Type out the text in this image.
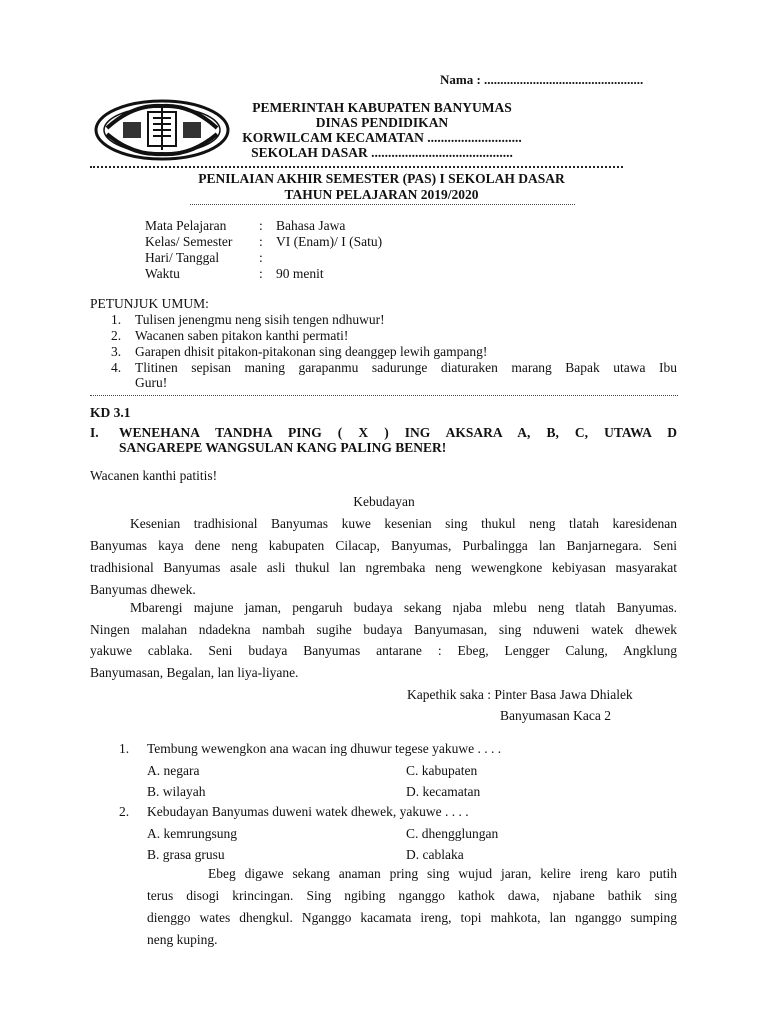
Nama : .................................................
PEMERINTAH KABUPATEN BANYUMAS
DINAS PENDIDIKAN
KORWILCAM KECAMATAN ............................
SEKOLAH DASAR ..........................................
PENILAIAN AKHIR SEMESTER (PAS) I SEKOLAH DASAR
TAHUN PELAJARAN 2019/2020
Mata Pelajaran : Bahasa Jawa
Kelas/ Semester : VI (Enam)/ I (Satu)
Hari/ Tanggal	:
Waktu	: 90 menit
PETUNJUK UMUM:
1. Tulisen jenengmu neng sisih tengen ndhuwur!
2. Wacanen saben pitakon kanthi permati!
3. Garapen dhisit pitakon-pitakonan sing deanggep lewih gampang!
4. Tlitinen sepisan maning garapanmu sadurunge diaturaken marang Bapak utawa Ibu
Guru!
KD 3.1
I. WENEHANA TANDHA PING ( X ) ING AKSARA A, B, C, UTAWA D
SANGAREPE WANGSULAN KANG PALING BENER!
Wacanen kanthi patitis!
Kebudayan
Kesenian tradhisional Banyumas kuwe kesenian sing thukul neng tlatah karesidenan
Banyumas kaya dene neng kabupaten Cilacap, Banyumas, Purbalingga lan Banjarnegara. Seni
tradhisional Banyumas asale asli thukul lan ngrembaka neng wewengkone kebiyasan masyarakat
Banyumas dhewek.
Mbarengi majune jaman, pengaruh budaya sekang njaba mlebu neng tlatah Banyumas.
Ningen malahan ndadekna nambah sugihe budaya Banyumasan, sing nduweni watek dhewek
yakuwe cablaka. Seni budaya Banyumas antarane : Ebeg, Lengger Calung, Angklung
Banyumasan, Begalan, lan liya-liyane.
Kapethik saka : Pinter Basa Jawa Dhialek
Banyumasan Kaca 2
1. Tembung wewengkon ana wacan ing dhuwur tegese yakuwe . . . .
A. negara
B. wilayah
C. kabupaten
D. kecamatan
2. Kebudayan Banyumas duweni watek dhewek, yakuwe . . . .
A. kemrungsung
B. grasa grusu
C. dhengglungan
D. cablaka
Ebeg digawe sekang anaman pring sing wujud jaran, kelire ireng karo putih
terus disogi krincingan. Sing ngibing nganggo kathok dawa, njabane bathik sing
dienggo wates dhengkul. Nganggo kacamata ireng, topi mahkota, lan nganggo sumping
neng kuping.
